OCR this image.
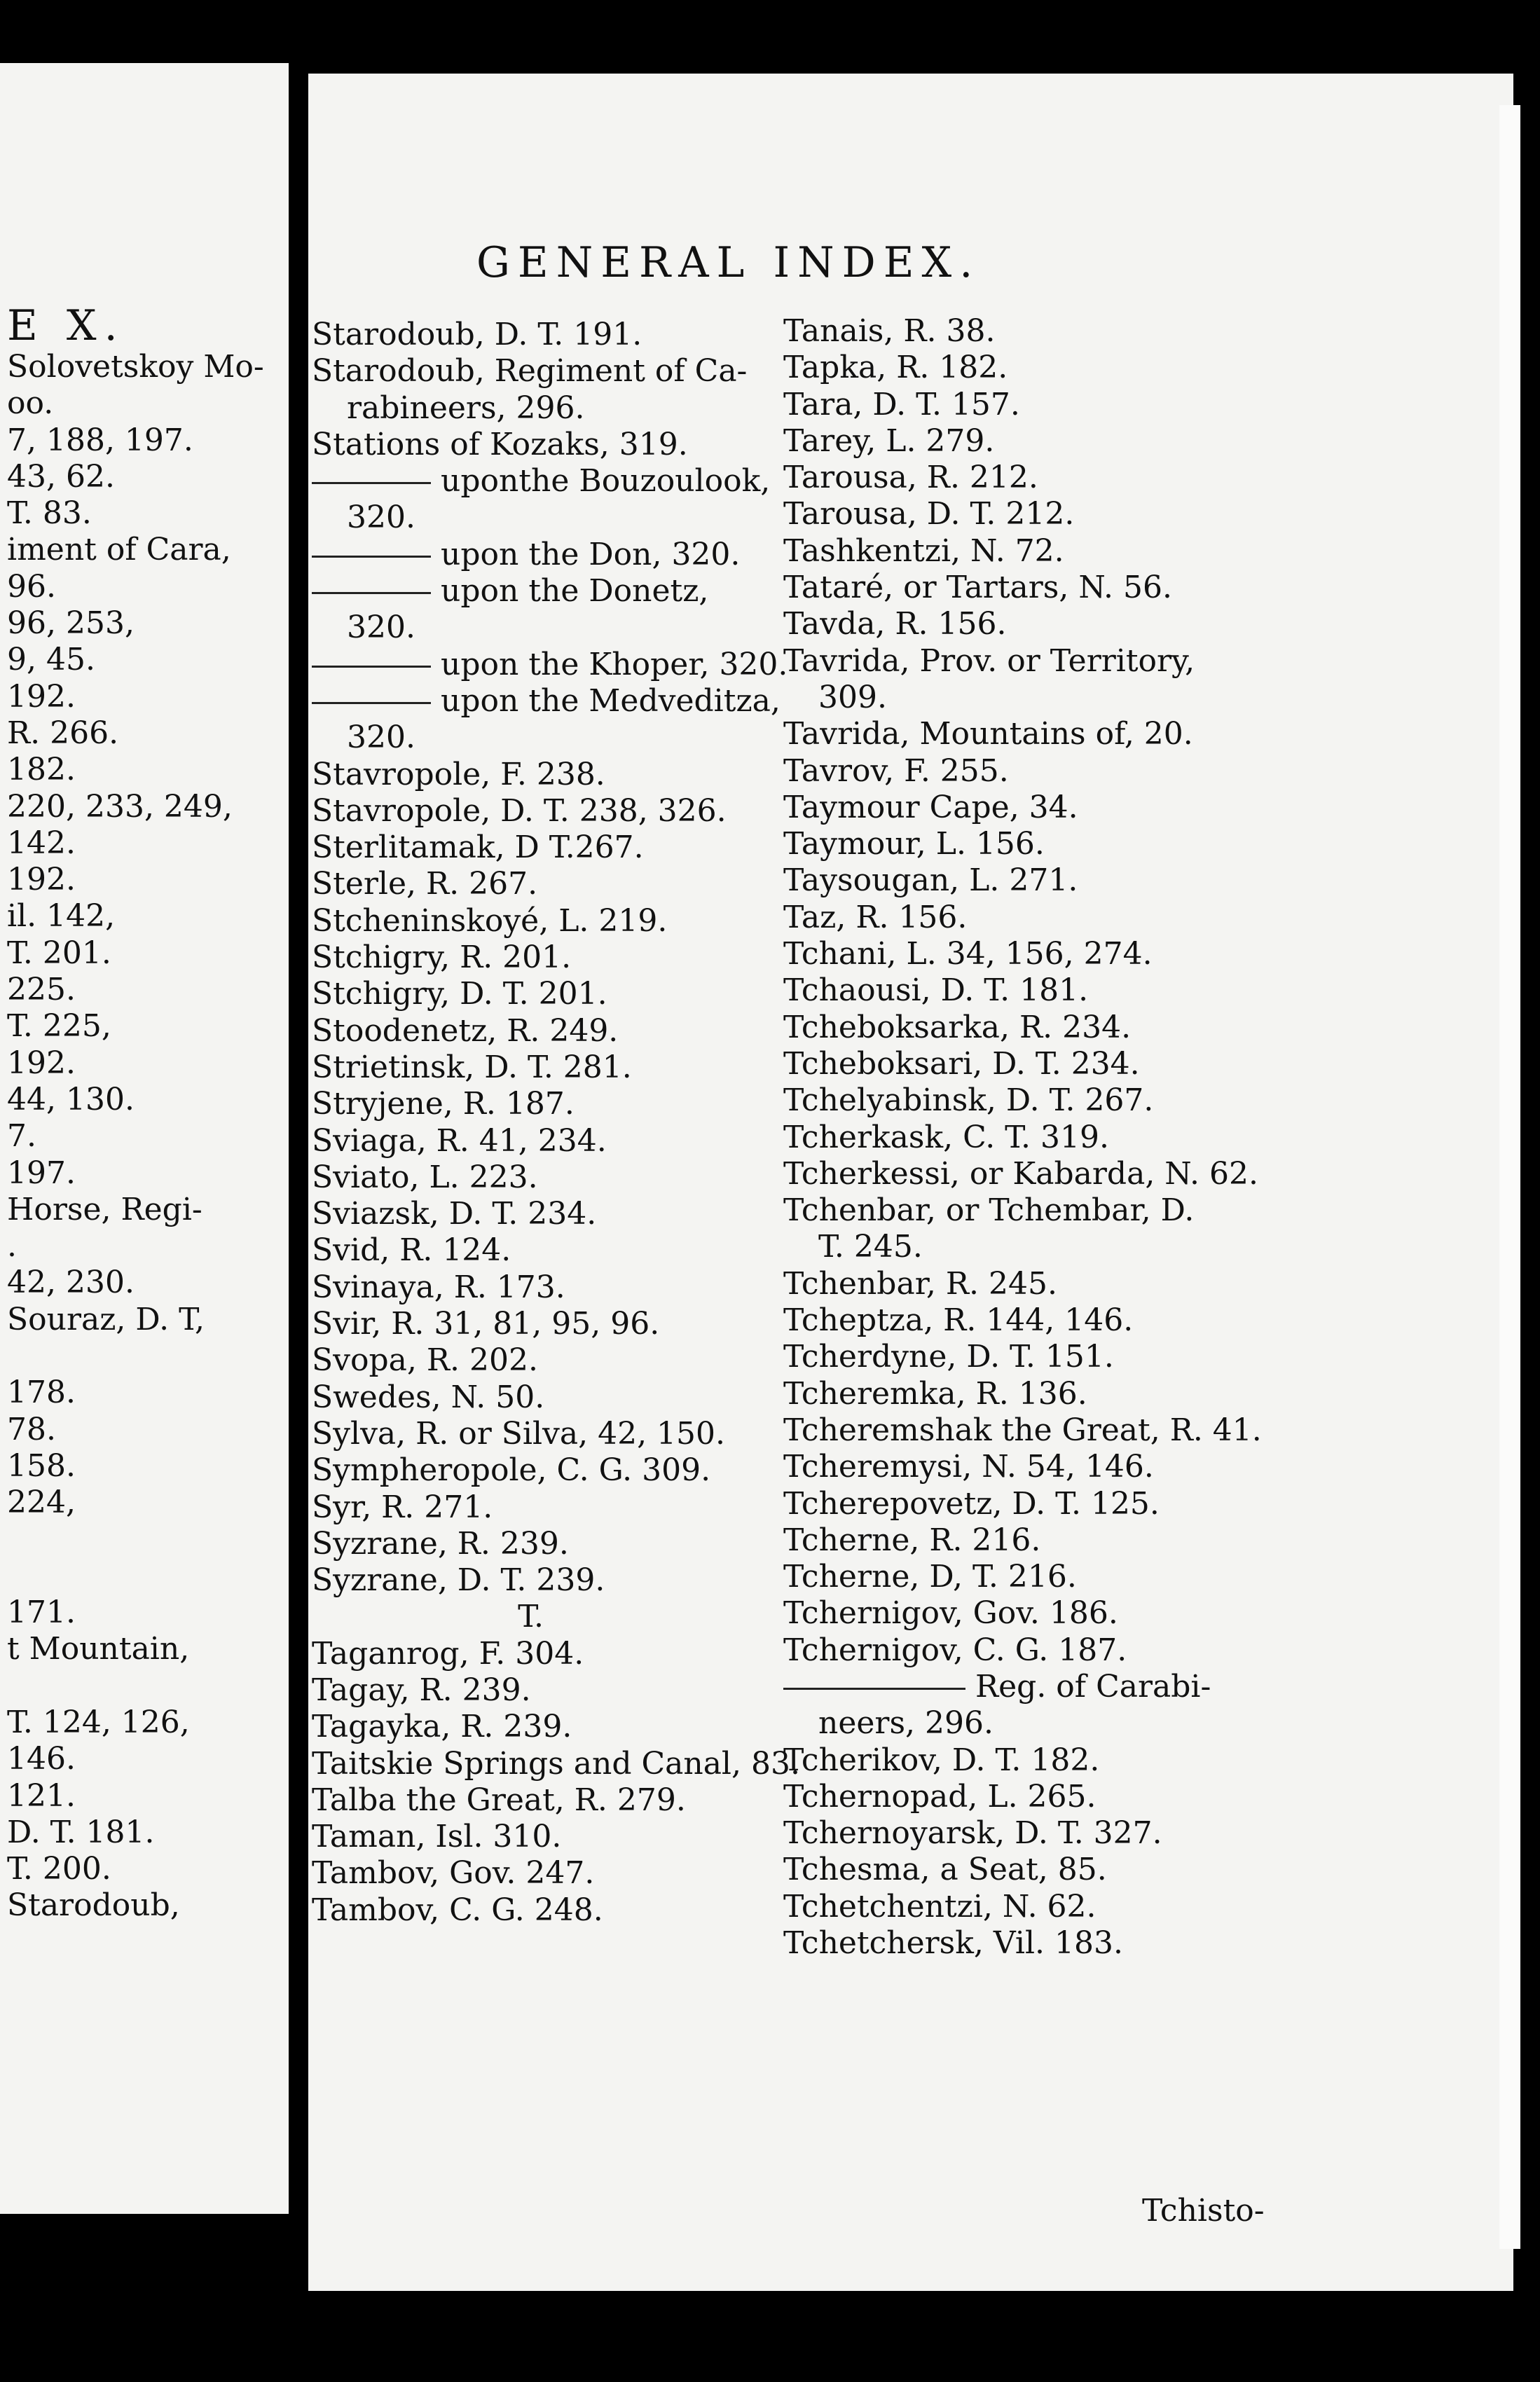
E X.
Solovetskoy Mo-
oo.
7, 188, 197.
43, 62.
T. 83.
iment of Cara,
96.
96, 253,
9, 45.
192.
R. 266.
182.
220, 233, 249,
142.
192.
il. 142,
T. 201.
225.
T. 225,
192.
44, 130.
7.
197.
Horse, Regi-
.
42, 230.
Souraz, D. T,
178.
78.
158.
224,
171.
t Mountain,
T. 124, 126,
146.
121.
D. T. 181.
T. 200.
Starodoub,
GENERAL INDEX.
Starodoub, D. T. 191.
Starodoub, Regiment of Ca-
rabineers, 296.
Stations of Kozaks, 319.
uponthe Bouzoulook,
320.
upon the Don, 320.
upon the Donetz,
320.
upon the Khoper, 320.
upon the Medveditza,
320.
Stavropole, F. 238.
Stavropole, D. T. 238, 326.
Sterlitamak, D T.267.
Sterle, R. 267.
Stcheninskoyé, L. 219.
Stchigry, R. 201.
Stchigry, D. T. 201.
Stoodenetz, R. 249.
Strietinsk, D. T. 281.
Stryjene, R. 187.
Sviaga, R. 41, 234.
Sviato, L. 223.
Sviazsk, D. T. 234.
Svid, R. 124.
Svinaya, R. 173.
Svir, R. 31, 81, 95, 96.
Svopa, R. 202.
Swedes, N. 50.
Sylva, R. or Silva, 42, 150.
Sympheropole, C. G. 309.
Syr, R. 271.
Syzrane, R. 239.
Syzrane, D. T. 239.
T.
Taganrog, F. 304.
Tagay, R. 239.
Tagayka, R. 239.
Taitskie Springs and Canal, 83.
Talba the Great, R. 279.
Taman, Isl. 310.
Tambov, Gov. 247.
Tambov, C. G. 248.
Tanais, R. 38.
Tapka, R. 182.
Tara, D. T. 157.
Tarey, L. 279.
Tarousa, R. 212.
Tarousa, D. T. 212.
Tashkentzi, N. 72.
Tataré, or Tartars, N. 56.
Tavda, R. 156.
Tavrida, Prov. or Territory,
309.
Tavrida, Mountains of, 20.
Tavrov, F. 255.
Taymour Cape, 34.
Taymour, L. 156.
Taysougan, L. 271.
Taz, R. 156.
Tchani, L. 34, 156, 274.
Tchaousi, D. T. 181.
Tcheboksarka, R. 234.
Tcheboksari, D. T. 234.
Tchelyabinsk, D. T. 267.
Tcherkask, C. T. 319.
Tcherkessi, or Kabarda, N. 62.
Tchenbar, or Tchembar, D.
T. 245.
Tchenbar, R. 245.
Tcheptza, R. 144, 146.
Tcherdyne, D. T. 151.
Tcheremka, R. 136.
Tcheremshak the Great, R. 41.
Tcheremysi, N. 54, 146.
Tcherepovetz, D. T. 125.
Tcherne, R. 216.
Tcherne, D, T. 216.
Tchernigov, Gov. 186.
Tchernigov, C. G. 187.
Reg. of Carabi-
neers, 296.
Tcherikov, D. T. 182.
Tchernopad, L. 265.
Tchernoyarsk, D. T. 327.
Tchesma, a Seat, 85.
Tchetchentzi, N. 62.
Tchetchersk, Vil. 183.
Tchisto-
